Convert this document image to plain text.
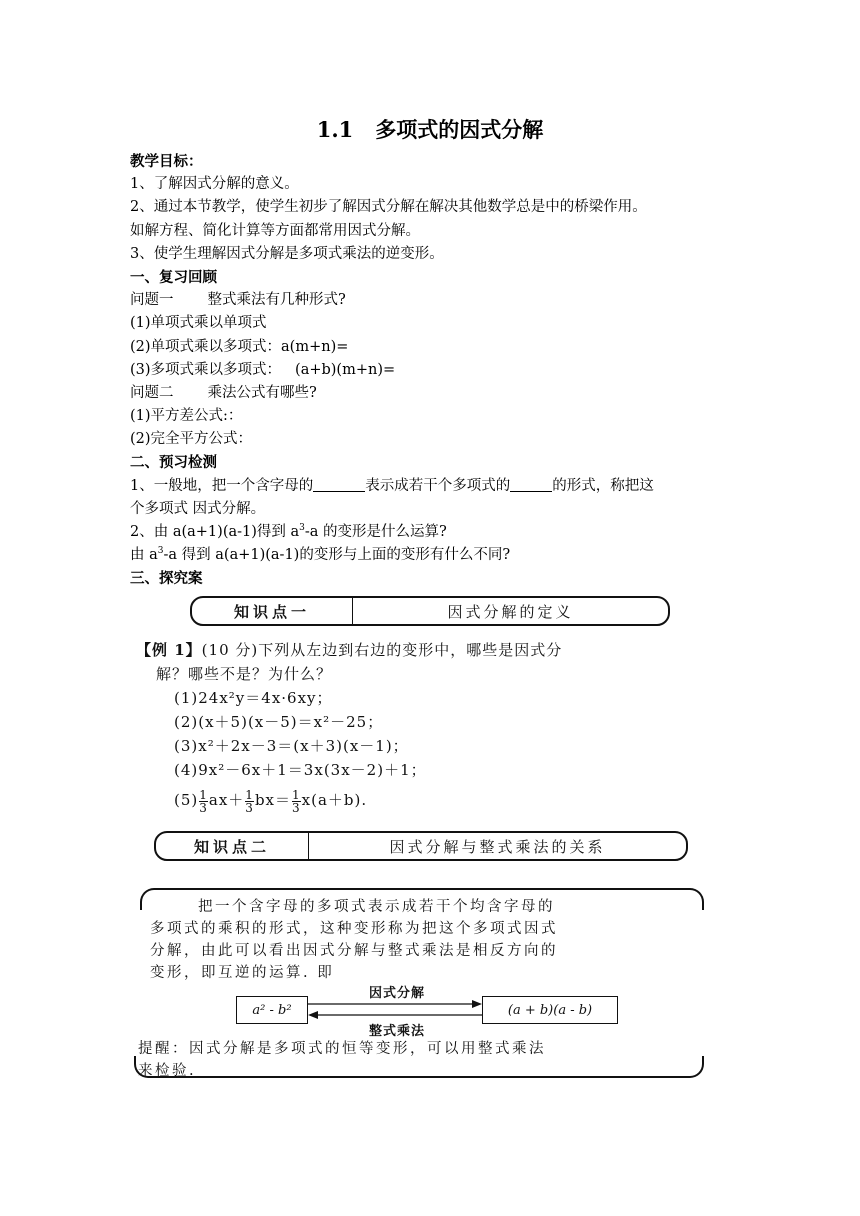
1.1 多项式的因式分解
教学目标：
1、了解因式分解的意义。
2、通过本节教学，使学生初步了解因式分解在解决其他数学总是中的桥梁作用。
如解方程、简化计算等方面都常用因式分解。
3、使学生理解因式分解是多项式乘法的逆变形。
一、复习回顾
问题一 整式乘法有几种形式?
(1)单项式乘以单项式
(2)单项式乘以多项式：a(m+n)=
(3)多项式乘以多项式： (a+b)(m+n)=
问题二 乘法公式有哪些?
(1)平方差公式:：
(2)完全平方公式：
二、预习检测
1、一般地，把一个含字母的	表示成若干个多项式的	的形式，称把这
个多项式 因式分解。
2、由 a(a+1)(a-1)得到 $a^3-a$ 的变形是什么运算?
由 $a^3-a$ 得到 a(a+1)(a-1)的变形与上面的变形有什么不同?
三、探究案
知识点一	因式分解的定义
【例 1】(10 分)下列从左边到右边的变形中，哪些是因式分
解？哪些不是？为什么？
(1)24x²y＝4x·6xy；
(2)(x＋5)(x－5)＝x²－25；
(3)x²＋2x－3＝(x＋3)(x－1)；
(4)9x²－6x＋1＝3x(3x－2)＋1；
$(5) \frac{1}{3} ax+ \frac{1}{3} bx= \frac{1}{3} x(a+b)$.
知识点二	因式分解与整式乘法的关系
把一个含字母的多项式表示成若干个均含字母的
多项式的乘积的形式，这种变形称为把这个多项式因式
分解，由此可以看出因式分解与整式乘法是相反方向的
变形，即互逆的运算. 即
a² - b²	(a + b)(a - b)
因式分解
整式乘法
提醒：因式分解是多项式的恒等变形，可以用整式乘法
来检验.
